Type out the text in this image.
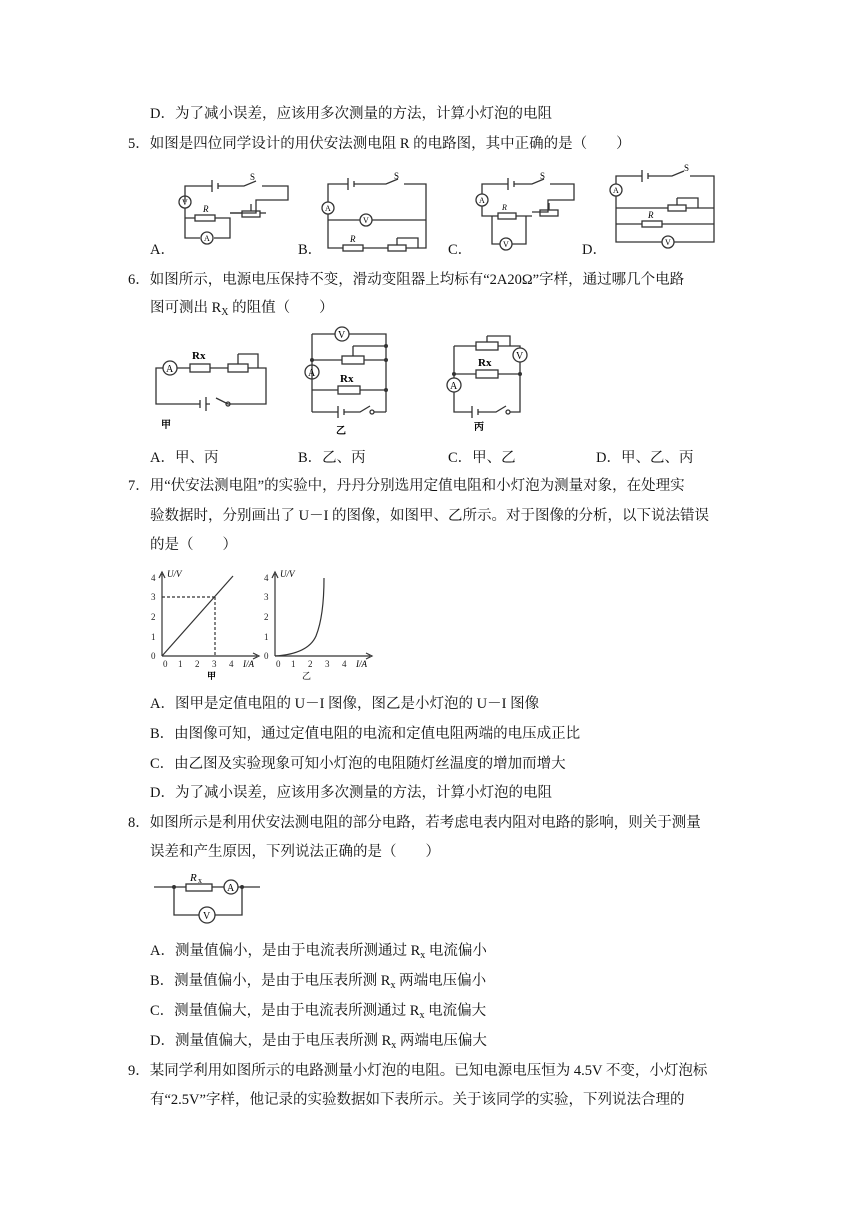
D．为了减小误差，应该用多次测量的方法，计算小灯泡的电阻
5．如图是四位同学设计的用伏安法测电阻 R 的电路图，其中正确的是（　　）
A．	B．	C．	D．
S
R
V
A
S
A
V
R
S
A
R
V
S
A
R
V
6．如图所示，电源电压保持不变，滑动变阻器上均标有“2A20Ω”字样，通过哪几个电路
图可测出 $R_X$ 的阻值（　　）
A
Rx
甲
V
A Rx
乙
V
Rx
A
丙
A．甲、丙	B．乙、丙	C．甲、乙	D．甲、乙、丙
7．用“伏安法测电阻”的实验中，丹丹分别选用定值电阻和小灯泡为测量对象，在处理实
验数据时，分别画出了 U－I 的图像，如图甲、乙所示。对于图像的分析，以下说法错误
的是（　　）
0
1
2
3
4
1 2 3 4
0
U/V
I/A
甲
0
1
2
3
4
1 2 3 4
0
U/V
I/A
乙
A．图甲是定值电阻的 U－I 图像，图乙是小灯泡的 U－I 图像
B．由图像可知，通过定值电阻的电流和定值电阻两端的电压成正比
C．由乙图及实验现象可知小灯泡的电阻随灯丝温度的增加而增大
D．为了减小误差，应该用多次测量的方法，计算小灯泡的电阻
8．如图所示是利用伏安法测电阻的部分电路，若考虑电表内阻对电路的影响，则关于测量
误差和产生原因，下列说法正确的是（　　）
R x
A
V
A．测量值偏小，是由于电流表所测通过 $R_x$ 电流偏小
B．测量值偏小，是由于电压表所测 $R_x$ 两端电压偏小
C．测量值偏大，是由于电流表所测通过 $R_x$ 电流偏大
D．测量值偏大，是由于电压表所测 $R_x$ 两端电压偏大
9．某同学利用如图所示的电路测量小灯泡的电阻。已知电源电压恒为 4.5V 不变，小灯泡标
有“2.5V”字样，他记录的实验数据如下表所示。关于该同学的实验，下列说法合理的
